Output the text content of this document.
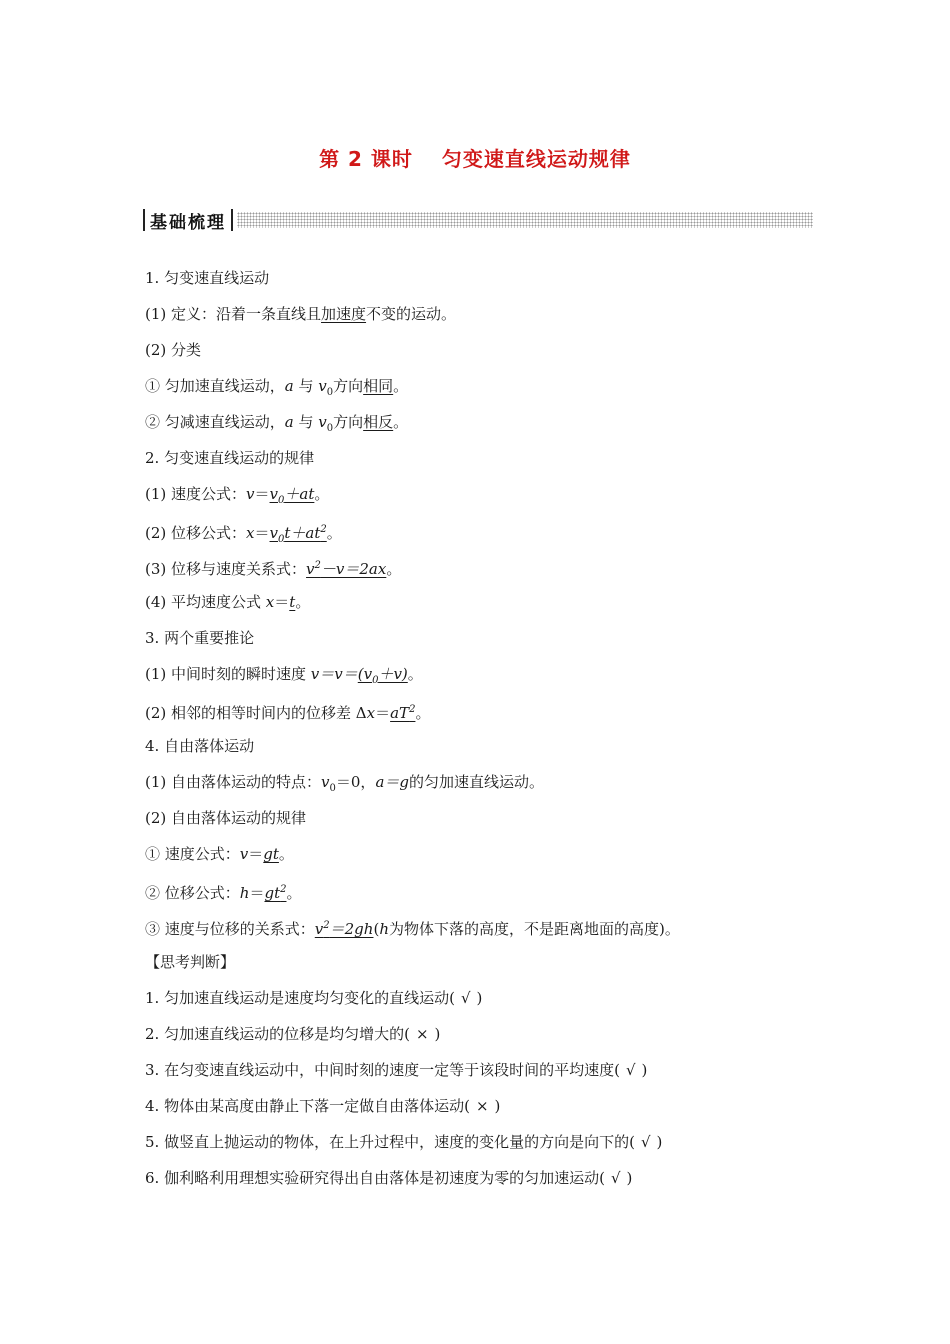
第 2 课时　 匀变速直线运动规律
基础梳理
1. 匀变速直线运动
(1) 定义：沿着一条直线且加速度不变的运动。
(2) 分类
① 匀加速直线运动，a 与 $v_0$方向相同。
② 匀减速直线运动，a 与 $v_0$方向相反。
2. 匀变速直线运动的规律
(1) 速度公式：$v=v_0+at$。
(2) 位移公式：$x=v_0t+at^2$。
(3) 位移与速度关系式：$v^2-v=2ax$。
(4) 平均速度公式 x＝t。
3. 两个重要推论
(1) 中间时刻的瞬时速度 $v=v=(v_0+v)$。
(2) 相邻的相等时间内的位移差 $\Delta x=aT^2$。
4. 自由落体运动
(1) 自由落体运动的特点：$v_0=0$，a＝g的匀加速直线运动。
(2) 自由落体运动的规律
① 速度公式：v＝gt。
② 位移公式：$h=gt^2$。
③ 速度与位移的关系式：$v^2=2gh(h$为物体下落的高度，不是距离地面的高度)。
【思考判断】
1. 匀加速直线运动是速度均匀变化的直线运动( √ )
2. 匀加速直线运动的位移是均匀增大的( × )
3. 在匀变速直线运动中，中间时刻的速度一定等于该段时间的平均速度( √ )
4. 物体由某高度由静止下落一定做自由落体运动( × )
5. 做竖直上抛运动的物体，在上升过程中，速度的变化量的方向是向下的( √ )
6. 伽利略利用理想实验研究得出自由落体是初速度为零的匀加速运动( √ )
